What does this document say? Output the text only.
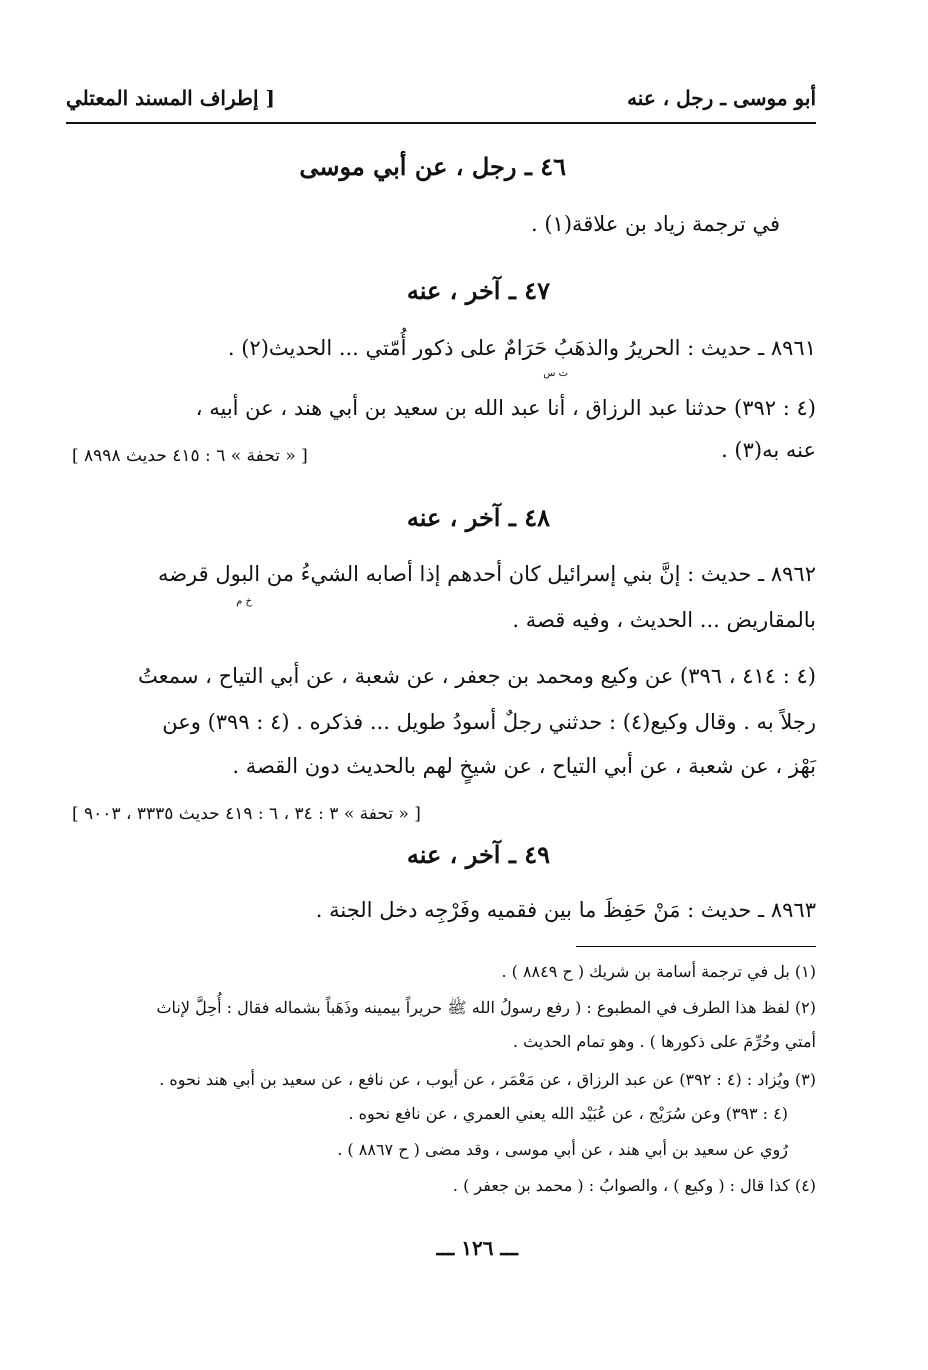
أبو موسى ـ رجل ، عنه
[ إطراف المسند المعتلي
٤٦ ـ رجل ، عن أبي موسى
في ترجمة زياد بن علاقة(١) .
٤٧ ـ آخر ، عنه
٨٩٦١ ـ حديث : الحريرُ والذهَبُ حَرَامٌ على ذكور أُمّتي ... الحديث(٢) .
ت س
(٤ : ٣٩٢) حدثنا عبد الرزاق ، أنا عبد الله بن سعيد بن أبي هند ، عن أبيه ،
عنه به(٣) .
[ « تحفة » ٦ : ٤١٥ حديث ٨٩٩٨ ]
٤٨ ـ آخر ، عنه
٨٩٦٢ ـ حديث : إنَّ بني إسرائيل كان أحدهم إذا أصابه الشيءُ من البول قرضه
خ م
بالمقاريض ... الحديث ، وفيه قصة .
(٤ : ٤١٤ ، ٣٩٦) عن وكيع ومحمد بن جعفر ، عن شعبة ، عن أبي التياح ، سمعتُ
رجلاً به . وقال وكيع(٤) : حدثني رجلٌ أسودُ طويل ... فذكره . (٤ : ٣٩٩) وعن
بَهْز ، عن شعبة ، عن أبي التياح ، عن شيخٍ لهم بالحديث دون القصة .
[ « تحفة » ٣ : ٣٤ ، ٦ : ٤١٩ حديث ٣٣٣٥ ، ٩٠٠٣ ]
٤٩ ـ آخر ، عنه
٨٩٦٣ ـ حديث : مَنْ حَفِظَ ما بين فقميه وفَرْجِه دخل الجنة .
(١) بل في ترجمة أسامة بن شريك ( ح ٨٨٤٩ ) .
(٢) لفظ هذا الطرف في المطبوع : ( رفع رسولُ الله ﷺ حريراً بيمينه وذَهَباً بشماله فقال : أُحِلَّ لإناث
أمتي وحُرِّمَ على ذكورها ) . وهو تمام الحديث .
(٣) ويُزاد : (٤ : ٣٩٢) عن عبد الرزاق ، عن مَعْمَر ، عن أيوب ، عن نافع ، عن سعيد بن أبي هند نحوه .
(٤ : ٣٩٣) وعن سُرَيْج ، عن عُبَيْد الله يعني العمري ، عن نافع نحوه .
رُوي عن سعيد بن أبي هند ، عن أبي موسى ، وقد مضى ( ح ٨٨٦٧ ) .
(٤) كذا قال : ( وكيع ) ، والصوابُ : ( محمد بن جعفر ) .
ـــ ١٢٦ ـــ
